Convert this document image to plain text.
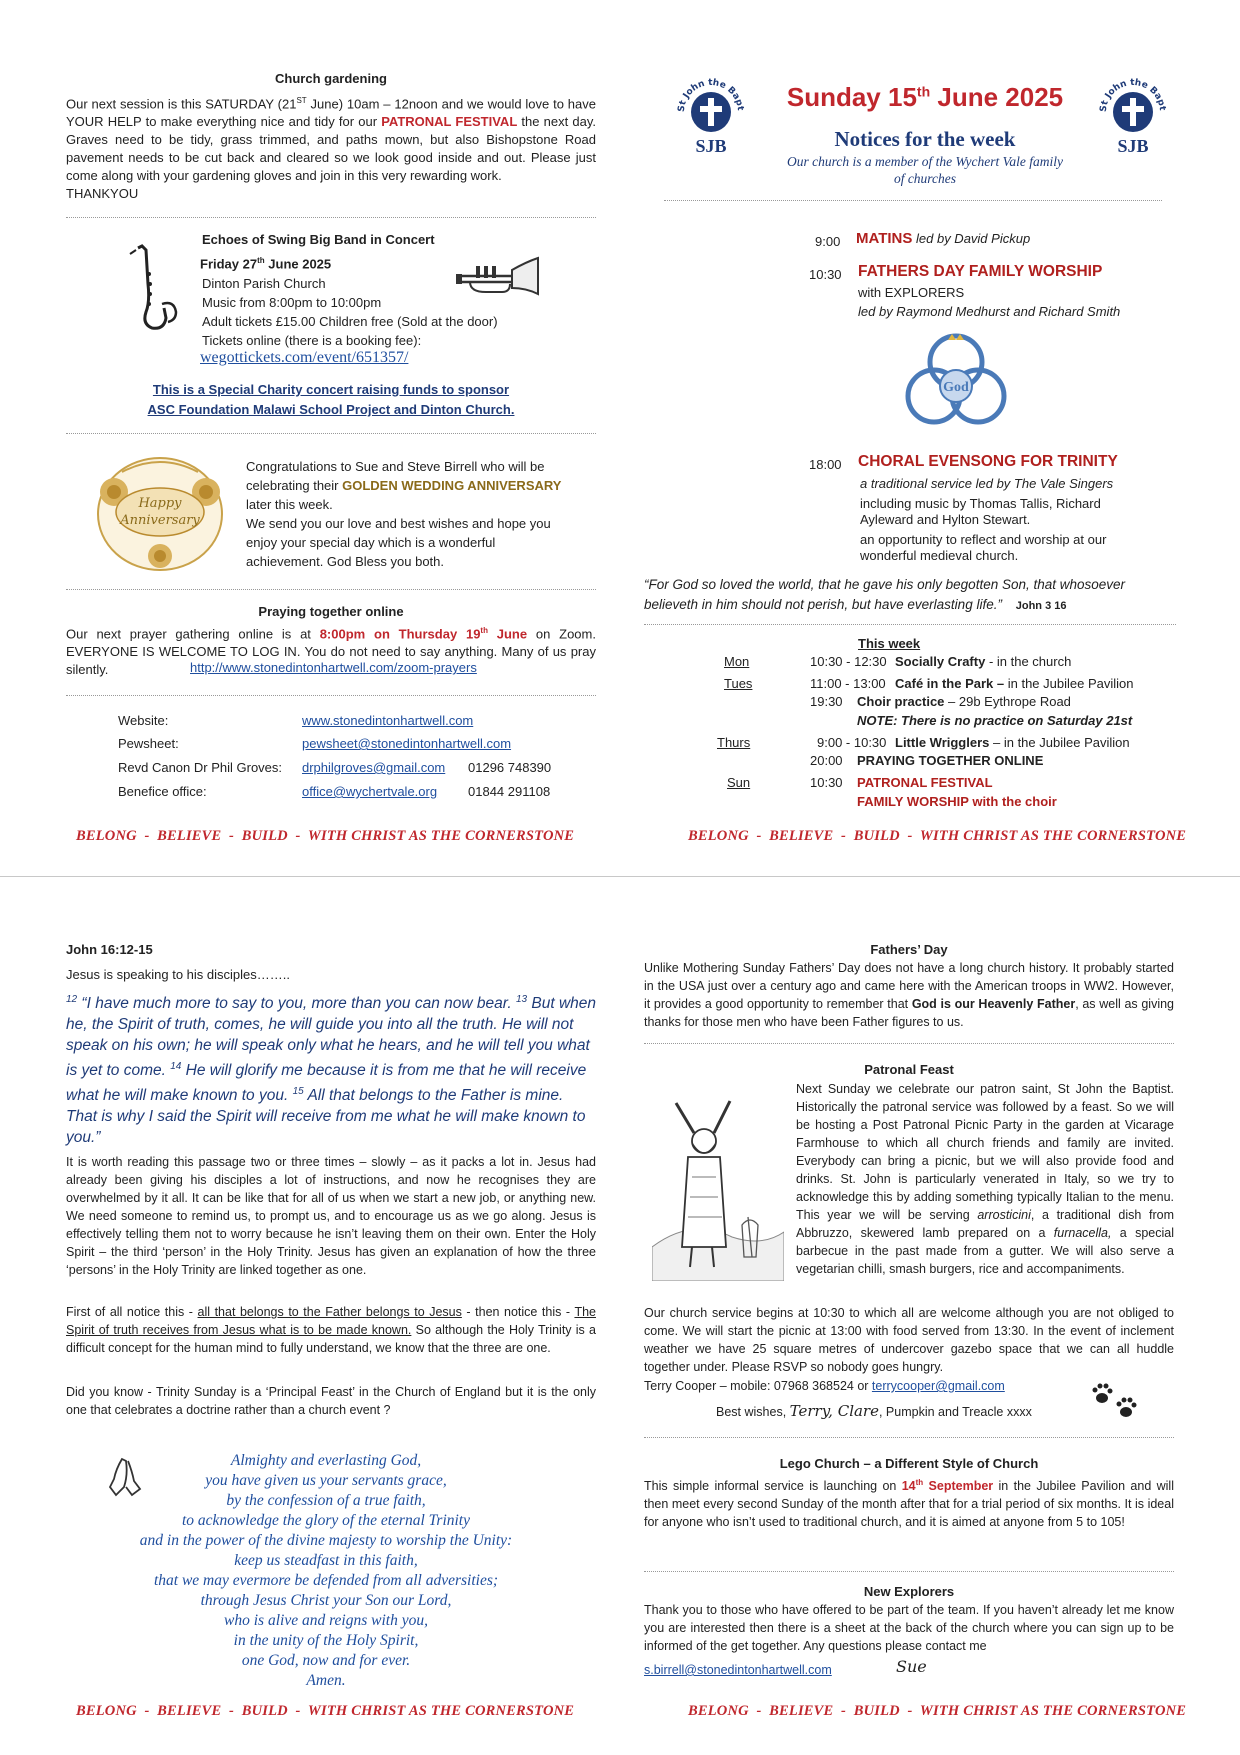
Church gardening
Our next session is this SATURDAY (21ST June) 10am – 12noon and we would love to have YOUR HELP to make everything nice and tidy for our PATRONAL FESTIVAL the next day. Graves need to be tidy, grass trimmed, and paths mown, but also Bishopstone Road pavement needs to be cut back and cleared so we look good inside and out. Please just come along with your gardening gloves and join in this very rewarding work.
THANKYOU
Echoes of Swing Big Band in Concert
Friday 27th June 2025
Dinton Parish Church
Music from 8:00pm to 10:00pm
Adult tickets £15.00 Children free (Sold at the door)
Tickets online (there is a booking fee):
wegottickets.com/event/651357/
This is a Special Charity concert raising funds to sponsor
ASC Foundation Malawi School Project and Dinton Church.
Happy
Anniversary
Congratulations to Sue and Steve Birrell who will be celebrating their GOLDEN WEDDING ANNIVERSARY later this week.
We send you our love and best wishes and hope you enjoy your special day which is a wonderful achievement. God Bless you both.
Praying together online
Our next prayer gathering online is at 8:00pm on Thursday 19th June on Zoom. EVERYONE IS WELCOME TO LOG IN. You do not need to say anything. Many of us pray silently.	http://www.stonedintonhartwell.com/zoom-prayers
Website:	www.stonedintonhartwell.com
Pewsheet:	pewsheet@stonedintonhartwell.com
Revd Canon Dr Phil Groves: drphilgroves@gmail.com 01296 748390
Benefice office:	office@wychertvale.org 01844 291108
BELONG  -  BELIEVE  -  BUILD  -  WITH CHRIST AS THE CORNERSTONE
St John the Bapt
SJB
St John the Bapt
SJB
Sunday 15th June 2025
Notices for the week
Our church is a member of the Wychert Vale family
of churches
9:00 MATINS led by David Pickup
10:30 FATHERS DAY FAMILY WORSHIP
with EXPLORERS
led by Raymond Medhurst and Richard Smith
God
18:00 CHORAL EVENSONG FOR TRINITY
a traditional service led by The Vale Singers
including music by Thomas Tallis, Richard
Ayleward and Hylton Stewart.
an opportunity to reflect and worship at our
wonderful medieval church.
“For God so loved the world, that he gave his only begotten Son, that whosoever believeth in him should not perish, but have everlasting life.” John 3 16
This week
Mon	10:30 - 12:30 Socially Crafty - in the church
Tues	11:00 - 13:00 Café in the Park – in the Jubilee Pavilion
19:30 Choir practice – 29b Eythrope Road
NOTE: There is no practice on Saturday 21st
Thurs	9:00 - 10:30 Little Wrigglers – in the Jubilee Pavilion
20:00 PRAYING TOGETHER ONLINE
Sun	10:30 PATRONAL FESTIVAL
FAMILY WORSHIP with the choir
BELONG  -  BELIEVE  -  BUILD  -  WITH CHRIST AS THE CORNERSTONE
John 16:12-15
Jesus is speaking to his disciples……..
$^{12}$ “I have much more to say to you, more than you can now bear. $^{13}$ But when he, the Spirit of truth, comes, he will guide you into all the truth. He will not speak on his own; he will speak only what he hears, and he will tell you what is yet to come. $^{14}$ He will glorify me because it is from me that he will receive what he will make known to you. $^{15}$ All that belongs to the Father is mine. That is why I said the Spirit will receive from me what he will make known to you.”
It is worth reading this passage two or three times – slowly – as it packs a lot in. Jesus had already been giving his disciples a lot of instructions, and now he recognises they are overwhelmed by it all. It can be like that for all of us when we start a new job, or anything new. We need someone to remind us, to prompt us, and to encourage us as we go along. Jesus is effectively telling them not to worry because he isn’t leaving them on their own. Enter the Holy Spirit – the third ‘person’ in the Holy Trinity. Jesus has given an explanation of how the three ‘persons’ in the Holy Trinity are linked together as one.
First of all notice this - all that belongs to the Father belongs to Jesus - then notice this - The Spirit of truth receives from Jesus what is to be made known. So although the Holy Trinity is a difficult concept for the human mind to fully understand, we know that the three are one.
Did you know - Trinity Sunday is a ‘Principal Feast’ in the Church of England but it is the only one that celebrates a doctrine rather than a church event ?
Almighty and everlasting God,
you have given us your servants grace,
by the confession of a true faith,
to acknowledge the glory of the eternal Trinity
and in the power of the divine majesty to worship the Unity:
keep us steadfast in this faith,
that we may evermore be defended from all adversities;
through Jesus Christ your Son our Lord,
who is alive and reigns with you,
in the unity of the Holy Spirit,
one God, now and for ever.
Amen.
BELONG  -  BELIEVE  -  BUILD  -  WITH CHRIST AS THE CORNERSTONE
Fathers’ Day
Unlike Mothering Sunday Fathers’ Day does not have a long church history. It probably started in the USA just over a century ago and came here with the American troops in WW2. However, it provides a good opportunity to remember that God is our Heavenly Father, as well as giving thanks for those men who have been Father figures to us.
Patronal Feast
Next Sunday we celebrate our patron saint, St John the Baptist. Historically the patronal service was followed by a feast. So we will be hosting a Post Patronal Picnic Party in the garden at Vicarage Farmhouse to which all church friends and family are invited. Everybody can bring a picnic, but we will also provide food and drinks. St. John is particularly venerated in Italy, so we try to acknowledge this by adding something typically Italian to the menu. This year we will be serving arrosticini, a traditional dish from Abbruzzo, skewered lamb prepared on a furnacella, a special barbecue in the past made from a gutter. We will also serve a vegetarian chilli, smash burgers, rice and accompaniments.
Our church service begins at 10:30 to which all are welcome although you are not obliged to come. We will start the picnic at 13:00 with food served from 13:30. In the event of inclement weather we have 25 square metres of undercover gazebo space that we can all huddle together under. Please RSVP so nobody goes hungry.
Terry Cooper – mobile: 07968 368524 or terrycooper@gmail.com
Best wishes, Terry, Clare, Pumpkin and Treacle xxxx
Lego Church – a Different Style of Church
This simple informal service is launching on 14th September in the Jubilee Pavilion and will then meet every second Sunday of the month after that for a trial period of six months. It is ideal for anyone who isn’t used to traditional church, and it is aimed at anyone from 5 to 105!
New Explorers
Thank you to those who have offered to be part of the team. If you haven’t already let me know you are interested then there is a sheet at the back of the church where you can sign up to be informed of the get together. Any questions please contact me
s.birrell@stonedintonhartwell.com	Sue
BELONG  -  BELIEVE  -  BUILD  -  WITH CHRIST AS THE CORNERSTONE
